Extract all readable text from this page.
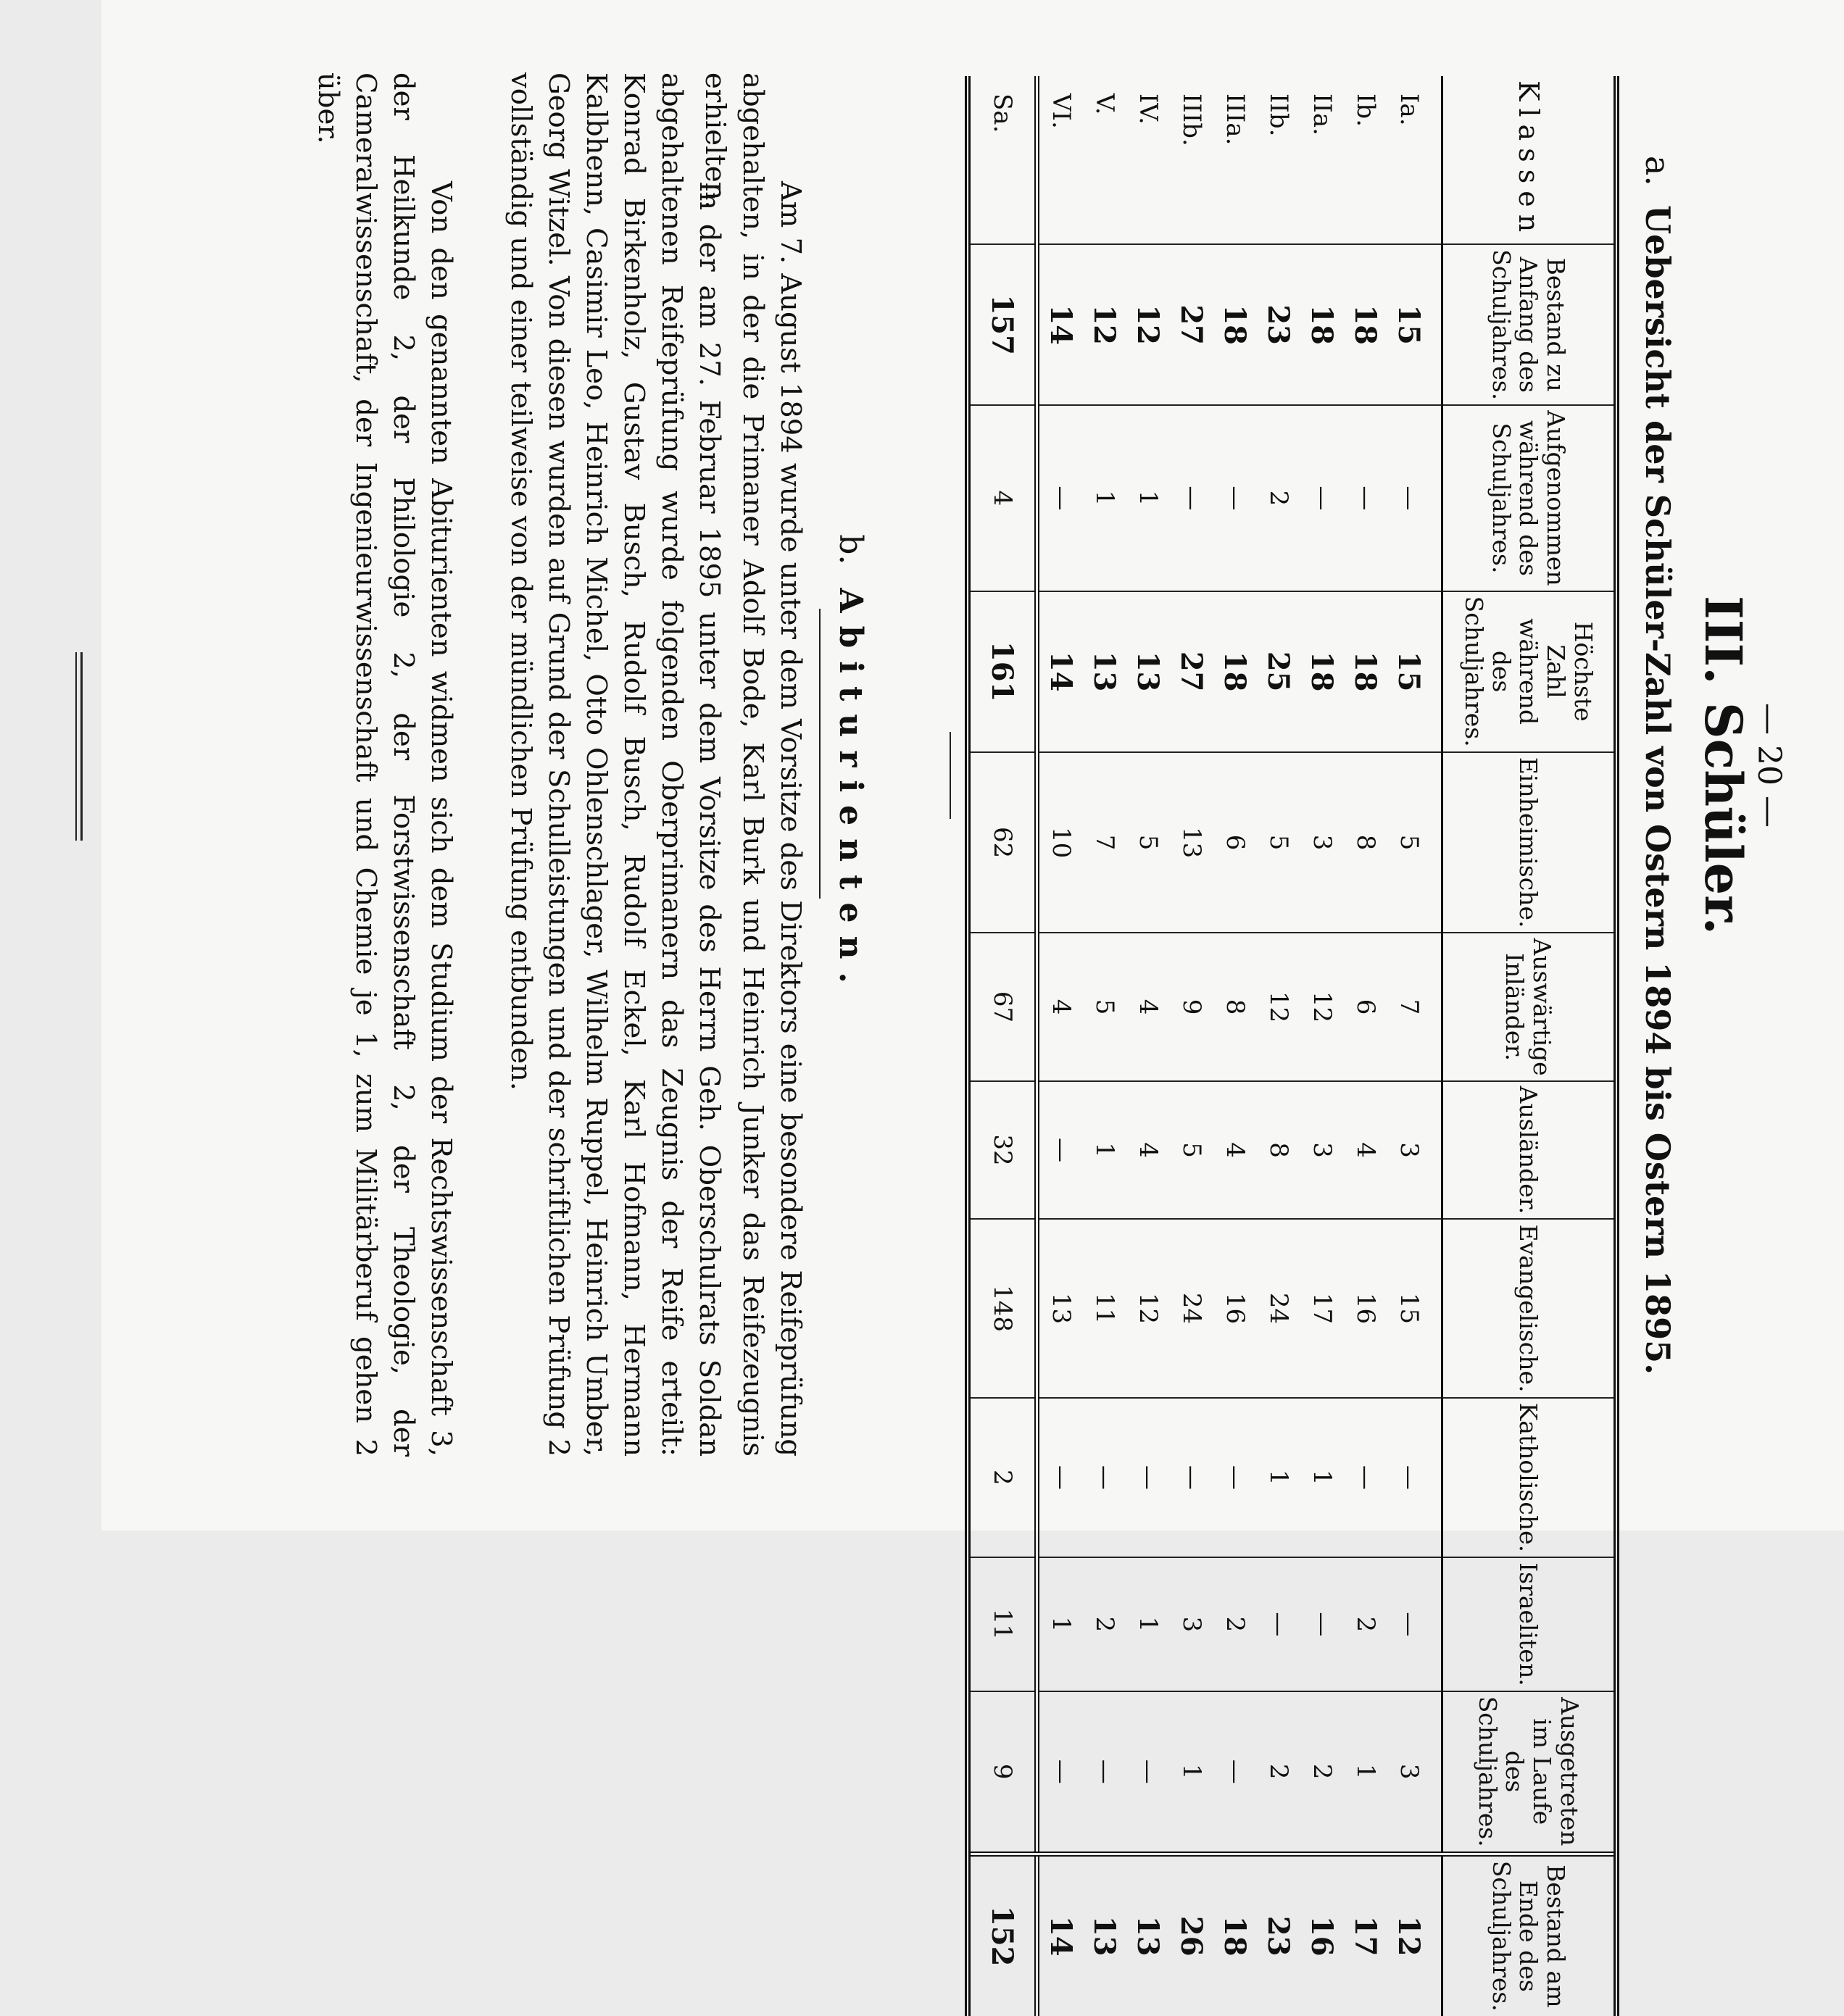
— 20 —
III. Schüler.
a. Uebersicht der Schüler-Zahl von Ostern 1894 bis Ostern 1895.
Klassen	Bestand zu Anfang des Schuljahres.	Aufgenommen während des Schuljahres.	Höchste Zahl während des Schuljahres.	Einheimische.	Auswärtige Inländer.	Ausländer.	Evangelische.	Katholische.	Israeliten.	Ausgetreten im Laufe des Schuljahres.	Bestand am Ende des Schuljahres.
Ia.	15	—	15	5	7	3	15	—	—	3	12
Ib.	18	—	18	8	6	4	16	—	2	1	17
IIa.	18	—	18	3	12	3	17	1	—	2	16
IIb.	23	2	25	5	12	8	24	1	—	2	23
IIIa.	18	—	18	6	8	4	16	—	2	—	18
IIIb.	27	—	27	13	9	5	24	—	3	1	26
IV.	12	1	13	5	4	4	12	—	1	—	13
V.	12	1	13	7	5	1	11	—	2	—	13
VI.	14	—	14	10	4	—	13	—	1	—	14
Sa.	157	4	161	62	67	32	148	2	11	9	152
b. Abiturienten.

Am 7. August 1894 wurde unter dem Vorsitze des Direktors eine besondere Reifeprüfung abgehalten, in der die Primaner Adolf Bode, Karl Burk und Heinrich Junker das Reifezeugnis erhielten.

In der am 27. Februar 1895 unter dem Vorsitze des Herrn Geh. Oberschulrats Soldan abgehaltenen Reifeprüfung wurde folgenden Oberprimanern das Zeugnis der Reife erteilt: Konrad Birkenholz, Gustav Busch, Rudolf Busch, Rudolf Eckel, Karl Hofmann, Hermann Kalbhenn, Casimir Leo, Heinrich Michel, Otto Ohlenschlager, Wilhelm Ruppel, Heinrich Umber, Georg Witzel. Von diesen wurden auf Grund der Schulleistungen und der schriftlichen Prüfung 2 vollständig und einer teilweise von der mündlichen Prüfung entbunden.

Von den genannten Abiturienten widmen sich dem Studium der Rechtswissenschaft 3, der Heilkunde 2, der Philologie 2, der Forstwissenschaft 2, der Theologie, der Cameralwissenschaft, der Ingenieurwissenschaft und Chemie je 1, zum Militärberuf gehen 2 über.
